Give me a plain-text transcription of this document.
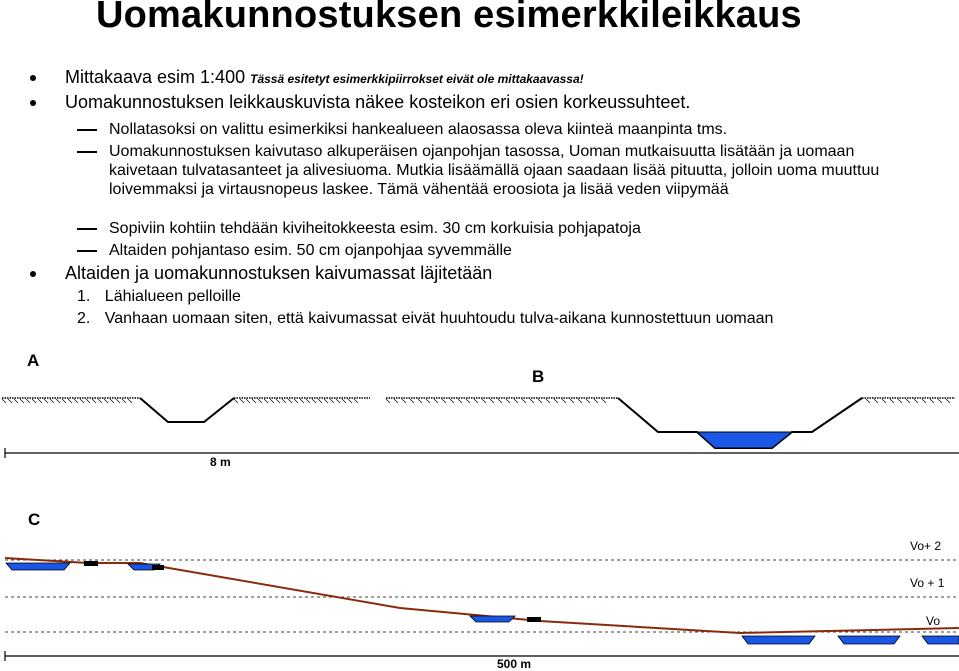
Uomakunnostuksen esimerkkileikkaus
Mittakaava esim 1:400 Tässä esitetyt esimerkkipiirrokset eivät ole mittakaavassa!
Uomakunnostuksen leikkauskuvista näkee kosteikon eri osien korkeussuhteet.
Nollatasoksi on valittu esimerkiksi hankealueen alaosassa oleva kiinteä maanpinta tms.
Uomakunnostuksen kaivutaso alkuperäisen ojanpohjan tasossa, Uoman mutkaisuutta lisätään ja uomaan kaivetaan tulvatasanteet ja alivesiuoma. Mutkia lisäämällä ojaan saadaan lisää pituutta, jolloin uoma muuttuu loivemmaksi ja virtausnopeus laskee. Tämä vähentää eroosiota ja lisää veden viipymää
Sopiviin kohtiin tehdään kiviheitokkeesta esim. 30 cm korkuisia pohjapatoja
Altaiden pohjantaso esim. 50 cm ojanpohjaa syvemmälle
Altaiden ja uomakunnostuksen kaivumassat läjitetään
1. Lähialueen pelloille
2. Vanhaan uomaan siten, että kaivumassat eivät huuhtoudu tulva-aikana kunnostettuun uomaan
A
B
C
8 m
500 m
Vo+ 2
Vo + 1
Vo
